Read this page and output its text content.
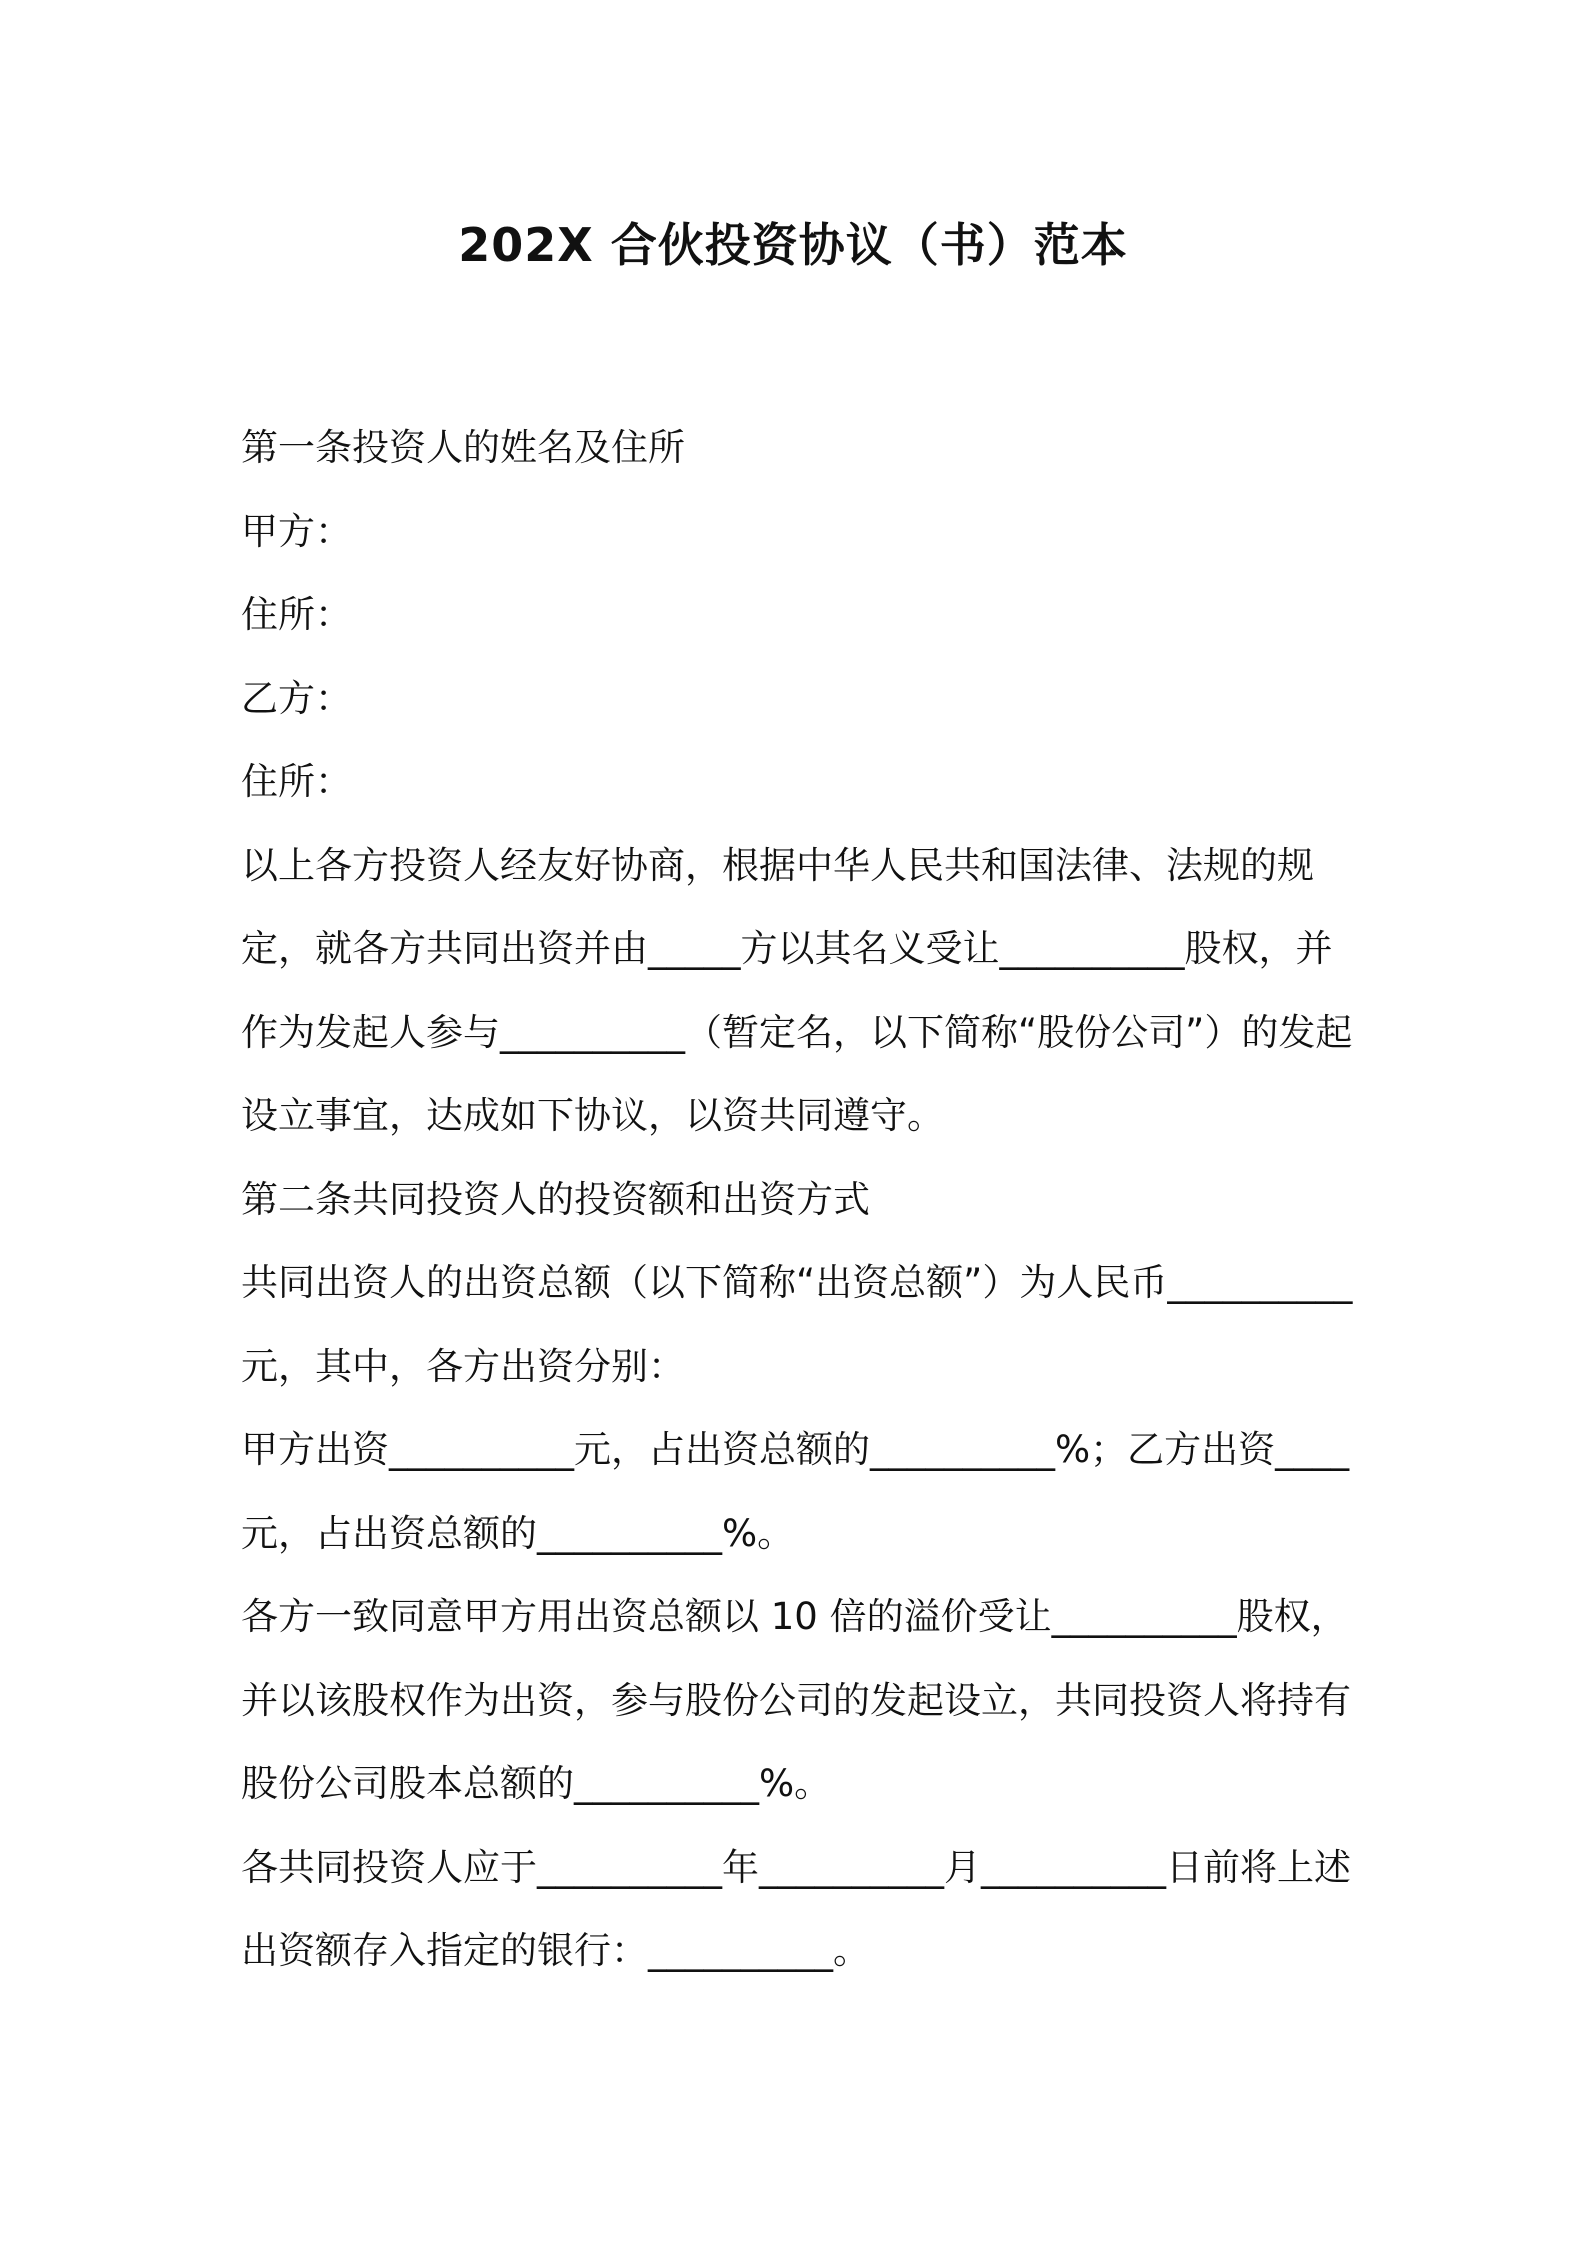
202X 合伙投资协议（书）范本

第一条投资人的姓名及住所

甲方：

住所：

乙方：

住所：

以上各方投资人经友好协商，根据中华人民共和国法律、法规的规定，就各方共同出资并由_____方以其名义受让__________股权，并作为发起人参与__________（暂定名，以下简称“股份公司”）的发起设立事宜，达成如下协议，以资共同遵守。

第二条共同投资人的投资额和出资方式

共同出资人的出资总额（以下简称“出资总额”）为人民币__________元，其中，各方出资分别：

甲方出资__________元，占出资总额的__________%；乙方出资____元，占出资总额的__________%。

各方一致同意甲方用出资总额以 10 倍的溢价受让__________股权，并以该股权作为出资，参与股份公司的发起设立，共同投资人将持有股份公司股本总额的__________%。

各共同投资人应于__________年__________月__________日前将上述出资额存入指定的银行：__________。
